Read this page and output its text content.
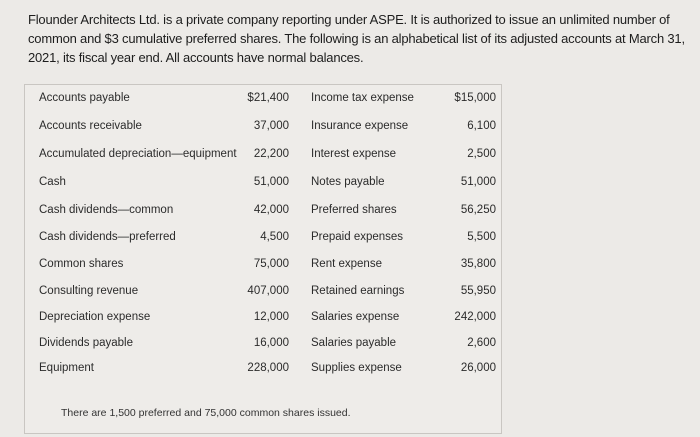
Flounder Architects Ltd. is a private company reporting under ASPE. It is authorized to issue an unlimited number of common and $3 cumulative preferred shares. The following is an alphabetical list of its adjusted accounts at March 31, 2021, its fiscal year end. All accounts have normal balances.
Accounts payable	$21,400 Income tax expense	$15,000
Accounts receivable	37,000 Insurance expense	6,100
Accumulated depreciation—equipment 22,200 Interest expense	2,500
Cash	51,000 Notes payable	51,000
Cash dividends—common	42,000 Preferred shares	56,250
Cash dividends—preferred	4,500 Prepaid expenses	5,500
Common shares	75,000 Rent expense	35,800
Consulting revenue	407,000 Retained earnings	55,950
Depreciation expense	12,000 Salaries expense	242,000
Dividends payable	16,000 Salaries payable	2,600
Equipment	228,000 Supplies expense	26,000
There are 1,500 preferred and 75,000 common shares issued.
